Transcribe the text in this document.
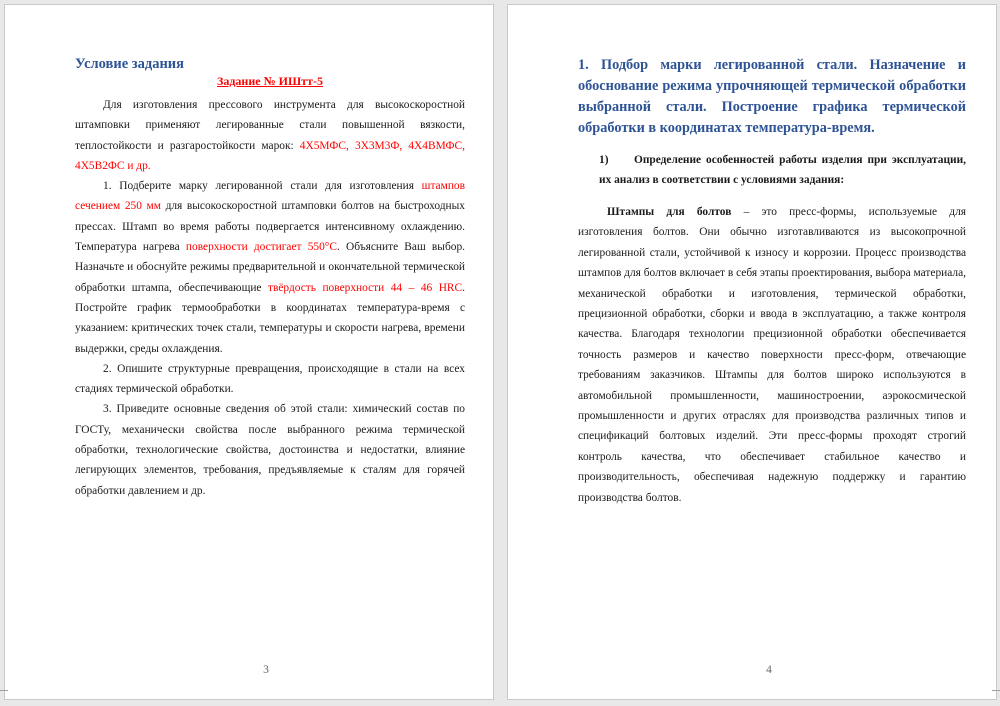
Условие задания
Задание № ИШтт-5

Для изготовления прессового инструмента для высокоскоростной штамповки применяют легированные стали повышенной вязкости, теплостойкости и разгаростойкости марок: 4Х5МФС, 3Х3М3Ф, 4Х4ВМФС, 4Х5В2ФС и др.

1. Подберите марку легированной стали для изготовления штампов сечением 250 мм для высокоскоростной штамповки болтов на быстроходных прессах. Штамп во время работы подвергается интенсивному охлаждению. Температура нагрева поверхности достигает 550°С. Объясните Ваш выбор. Назначьте и обоснуйте режимы предварительной и окончательной термической обработки штампа, обеспечивающие твёрдость поверхности 44 – 46 HRC. Постройте график термообработки в координатах температура-время с указанием: критических точек стали, температуры и скорости нагрева, времени выдержки, среды охлаждения.

2. Опишите структурные превращения, происходящие в стали на всех стадиях термической обработки.

3. Приведите основные сведения об этой стали: химический состав по ГОСТу, механически свойства после выбранного режима термической обработки, технологические свойства, достоинства и недостатки, влияние легирующих элементов, требования, предъявляемые к сталям для горячей обработки давлением и др.

3
1. Подбор марки легированной стали. Назначение и обоснование режима упрочняющей термической обработки выбранной стали. Построение графика термической обработки в координатах температура-время.
1) Определение особенностей работы изделия при эксплуатации, их анализ в соответствии с условиями задания:

Штампы для болтов – это пресс-формы, используемые для изготовления болтов. Они обычно изготавливаются из высокопрочной легированной стали, устойчивой к износу и коррозии. Процесс производства штампов для болтов включает в себя этапы проектирования, выбора материала, механической обработки и изготовления, термической обработки, прецизионной обработки, сборки и ввода в эксплуатацию, а также контроля качества. Благодаря технологии прецизионной обработки обеспечивается точность размеров и качество поверхности пресс-форм, отвечающие требованиям заказчиков. Штампы для болтов широко используются в автомобильной промышленности, машиностроении, аэрокосмической промышленности и других отраслях для производства различных типов и спецификаций болтовых изделий. Эти пресс-формы проходят строгий контроль качества, что обеспечивает стабильное качество и производительность, обеспечивая надежную поддержку и гарантию производства болтов.

4
